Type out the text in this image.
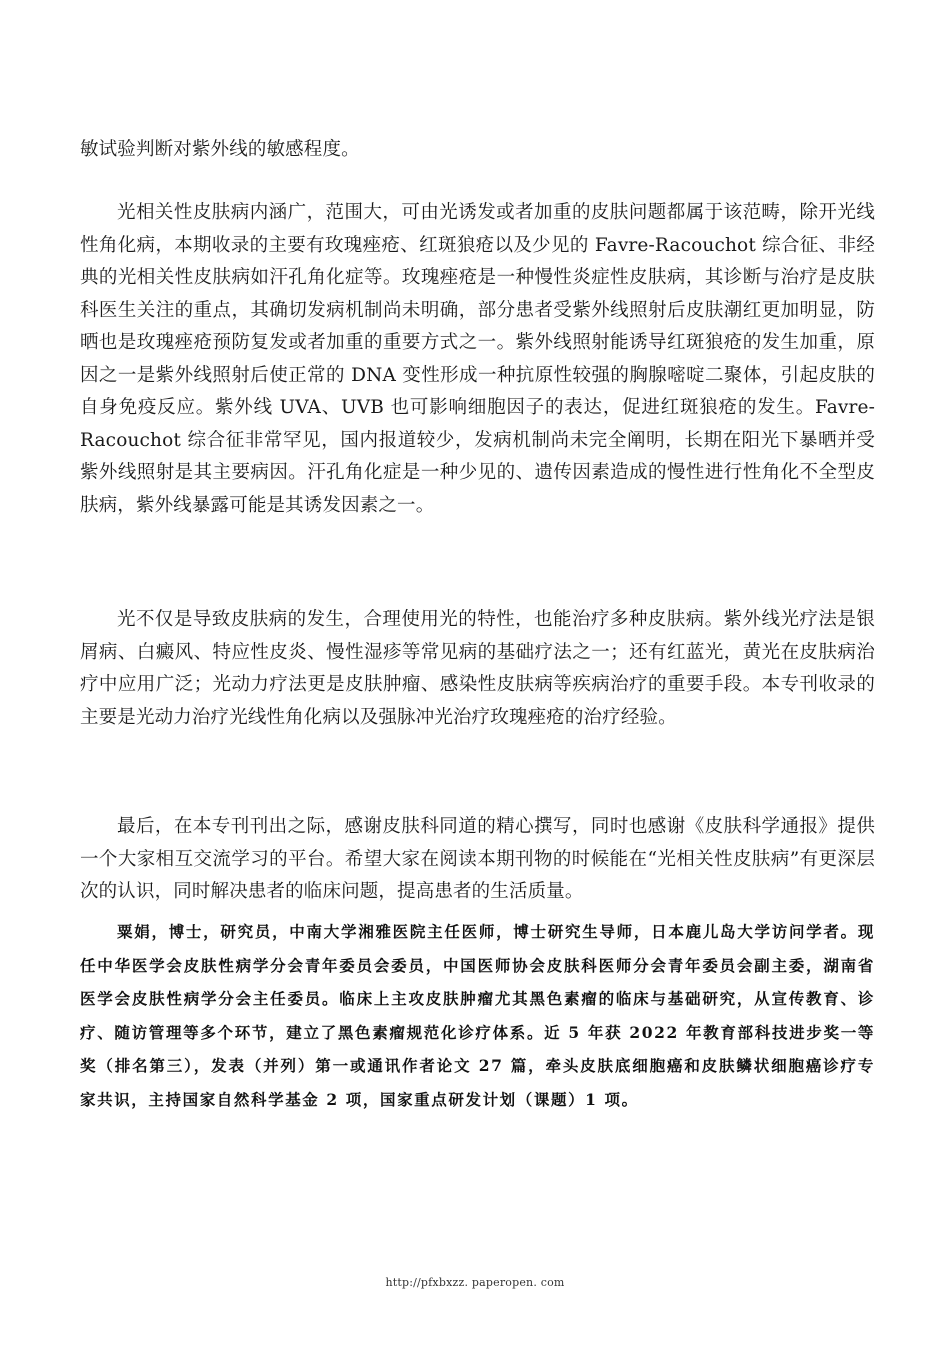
敏试验判断对紫外线的敏感程度。

光相关性皮肤病内涵广，范围大，可由光诱发或者加重的皮肤问题都属于该范畴，除开光线性角化病，本期收录的主要有玫瑰痤疮、红斑狼疮以及少见的 Favre-Racouchot 综合征、非经典的光相关性皮肤病如汗孔角化症等。玫瑰痤疮是一种慢性炎症性皮肤病，其诊断与治疗是皮肤科医生关注的重点，其确切发病机制尚未明确，部分患者受紫外线照射后皮肤潮红更加明显，防晒也是玫瑰痤疮预防复发或者加重的重要方式之一。紫外线照射能诱导红斑狼疮的发生加重，原因之一是紫外线照射后使正常的 DNA 变性形成一种抗原性较强的胸腺嘧啶二聚体，引起皮肤的自身免疫反应。紫外线 UVA、UVB 也可影响细胞因子的表达，促进红斑狼疮的发生。Favre-Racouchot 综合征非常罕见，国内报道较少，发病机制尚未完全阐明，长期在阳光下暴晒并受紫外线照射是其主要病因。汗孔角化症是一种少见的、遗传因素造成的慢性进行性角化不全型皮肤病，紫外线暴露可能是其诱发因素之一。

光不仅是导致皮肤病的发生，合理使用光的特性，也能治疗多种皮肤病。紫外线光疗法是银屑病、白癜风、特应性皮炎、慢性湿疹等常见病的基础疗法之一；还有红蓝光，黄光在皮肤病治疗中应用广泛；光动力疗法更是皮肤肿瘤、感染性皮肤病等疾病治疗的重要手段。本专刊收录的主要是光动力治疗光线性角化病以及强脉冲光治疗玫瑰痤疮的治疗经验。

最后，在本专刊刊出之际，感谢皮肤科同道的精心撰写，同时也感谢《皮肤科学通报》提供一个大家相互交流学习的平台。希望大家在阅读本期刊物的时候能在“光相关性皮肤病”有更深层次的认识，同时解决患者的临床问题，提高患者的生活质量。

粟娟，博士，研究员，中南大学湘雅医院主任医师，博士研究生导师，日本鹿儿岛大学访问学者。现任中华医学会皮肤性病学分会青年委员会委员，中国医师协会皮肤科医师分会青年委员会副主委，湖南省医学会皮肤性病学分会主任委员。临床上主攻皮肤肿瘤尤其黑色素瘤的临床与基础研究，从宣传教育、诊疗、随访管理等多个环节，建立了黑色素瘤规范化诊疗体系。近 5 年获 2022 年教育部科技进步奖一等奖（排名第三），发表（并列）第一或通讯作者论文 27 篇，牵头皮肤底细胞癌和皮肤鳞状细胞癌诊疗专家共识，主持国家自然科学基金 2 项，国家重点研发计划（课题）1 项。

http://pfxbxzz. paperopen. com
